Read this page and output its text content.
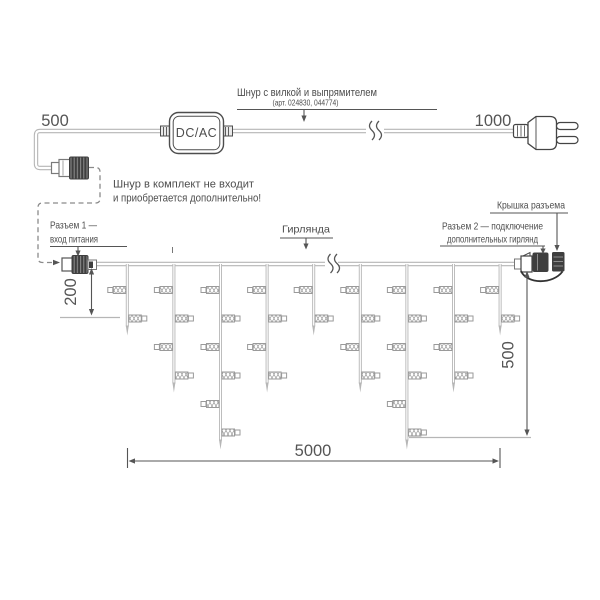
DC/AC
500	1000
Шнур с вилкой и выпрямителем
(арт. 024830, 044774)
Шнур в комплект не входит
и приобретается дополнительно!
Гирлянда
Разъем 1 —
вход питания
Крышка разъема
Разъем 2 — подключение
дополнительных гирлянд
200
500
5000
